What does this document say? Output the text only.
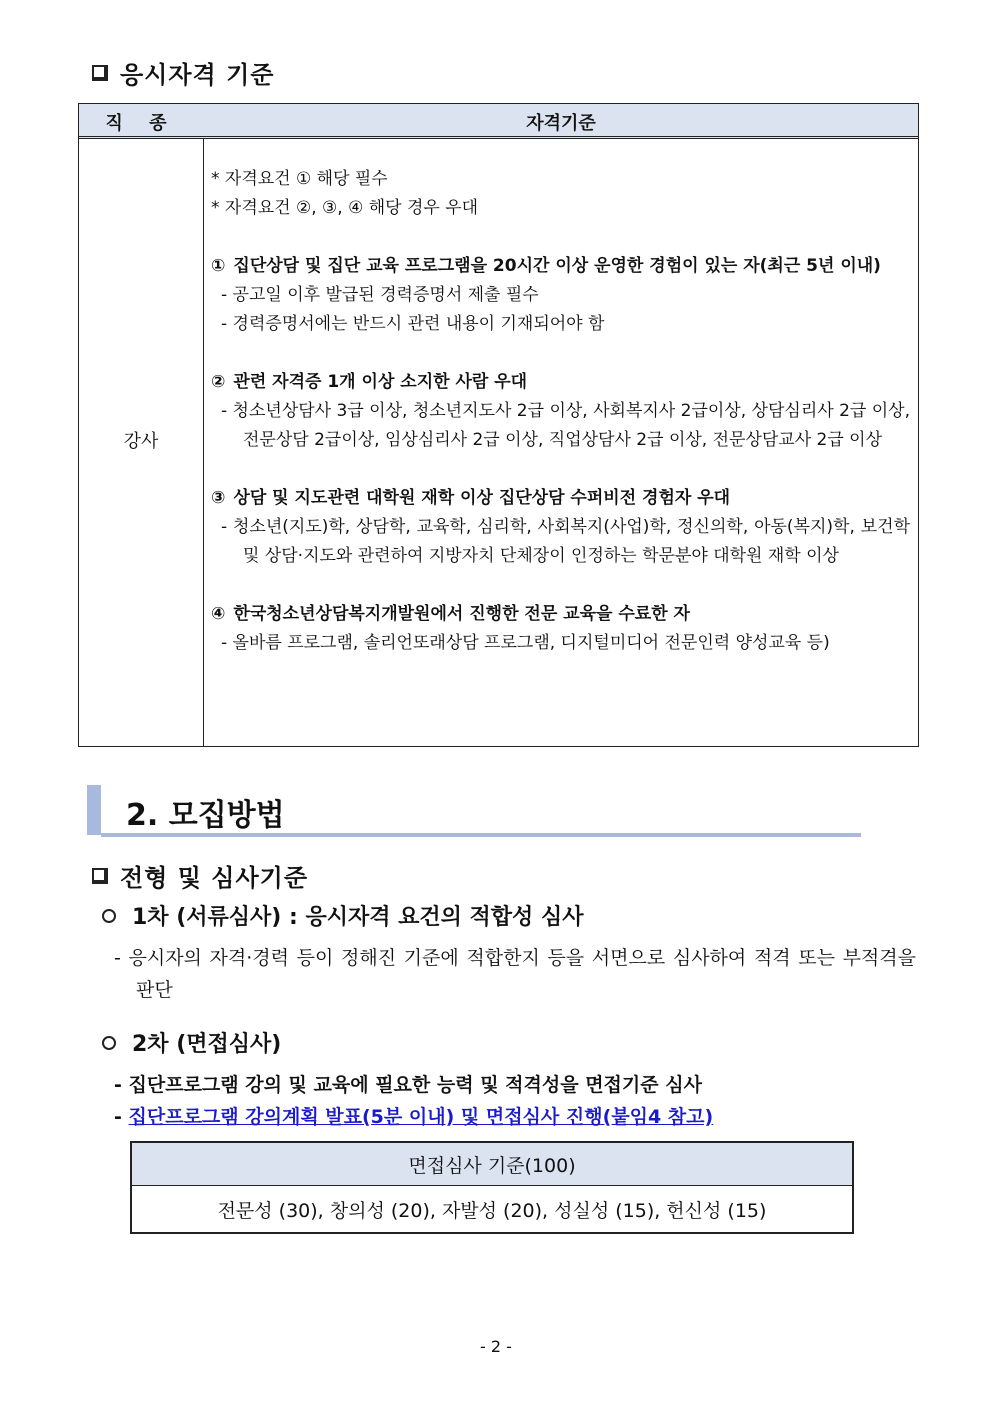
응시자격 기준
직 종	자격기준
강사
* 자격요건 ① 해당 필수
* 자격요건 ②, ③, ④ 해당 경우 우대
① 집단상담 및 집단 교육 프로그램을 20시간 이상 운영한 경험이 있는 자(최근 5년 이내)
- 공고일 이후 발급된 경력증명서 제출 필수
- 경력증명서에는 반드시 관련 내용이 기재되어야 함
② 관련 자격증 1개 이상 소지한 사람 우대
- 청소년상담사 3급 이상, 청소년지도사 2급 이상, 사회복지사 2급이상, 상담심리사 2급 이상, 전문상담 2급이상, 임상심리사 2급 이상, 직업상담사 2급 이상, 전문상담교사 2급 이상
③ 상담 및 지도관련 대학원 재학 이상 집단상담 수퍼비전 경험자 우대
- 청소년(지도)학, 상담학, 교육학, 심리학, 사회복지(사업)학, 정신의학, 아동(복지)학, 보건학 및 상담·지도와 관련하여 지방자치 단체장이 인정하는 학문분야 대학원 재학 이상
④ 한국청소년상담복지개발원에서 진행한 전문 교육을 수료한 자
- 올바름 프로그램, 솔리언또래상담 프로그램, 디지털미디어 전문인력 양성교육 등)
2. 모집방법
전형 및 심사기준
1차 (서류심사) : 응시자격 요건의 적합성 심사
- 응시자의 자격·경력 등이 정해진 기준에 적합한지 등을 서면으로 심사하여 적격 또는 부적격을 판단
2차 (면접심사)
- 집단프로그램 강의 및 교육에 필요한 능력 및 적격성을 면접기준 심사
- 집단프로그램 강의계획 발표(5분 이내) 및 면접심사 진행(붙임4 참고)
면접심사 기준(100)
전문성 (30), 창의성 (20), 자발성 (20), 성실성 (15), 헌신성 (15)
- 2 -
